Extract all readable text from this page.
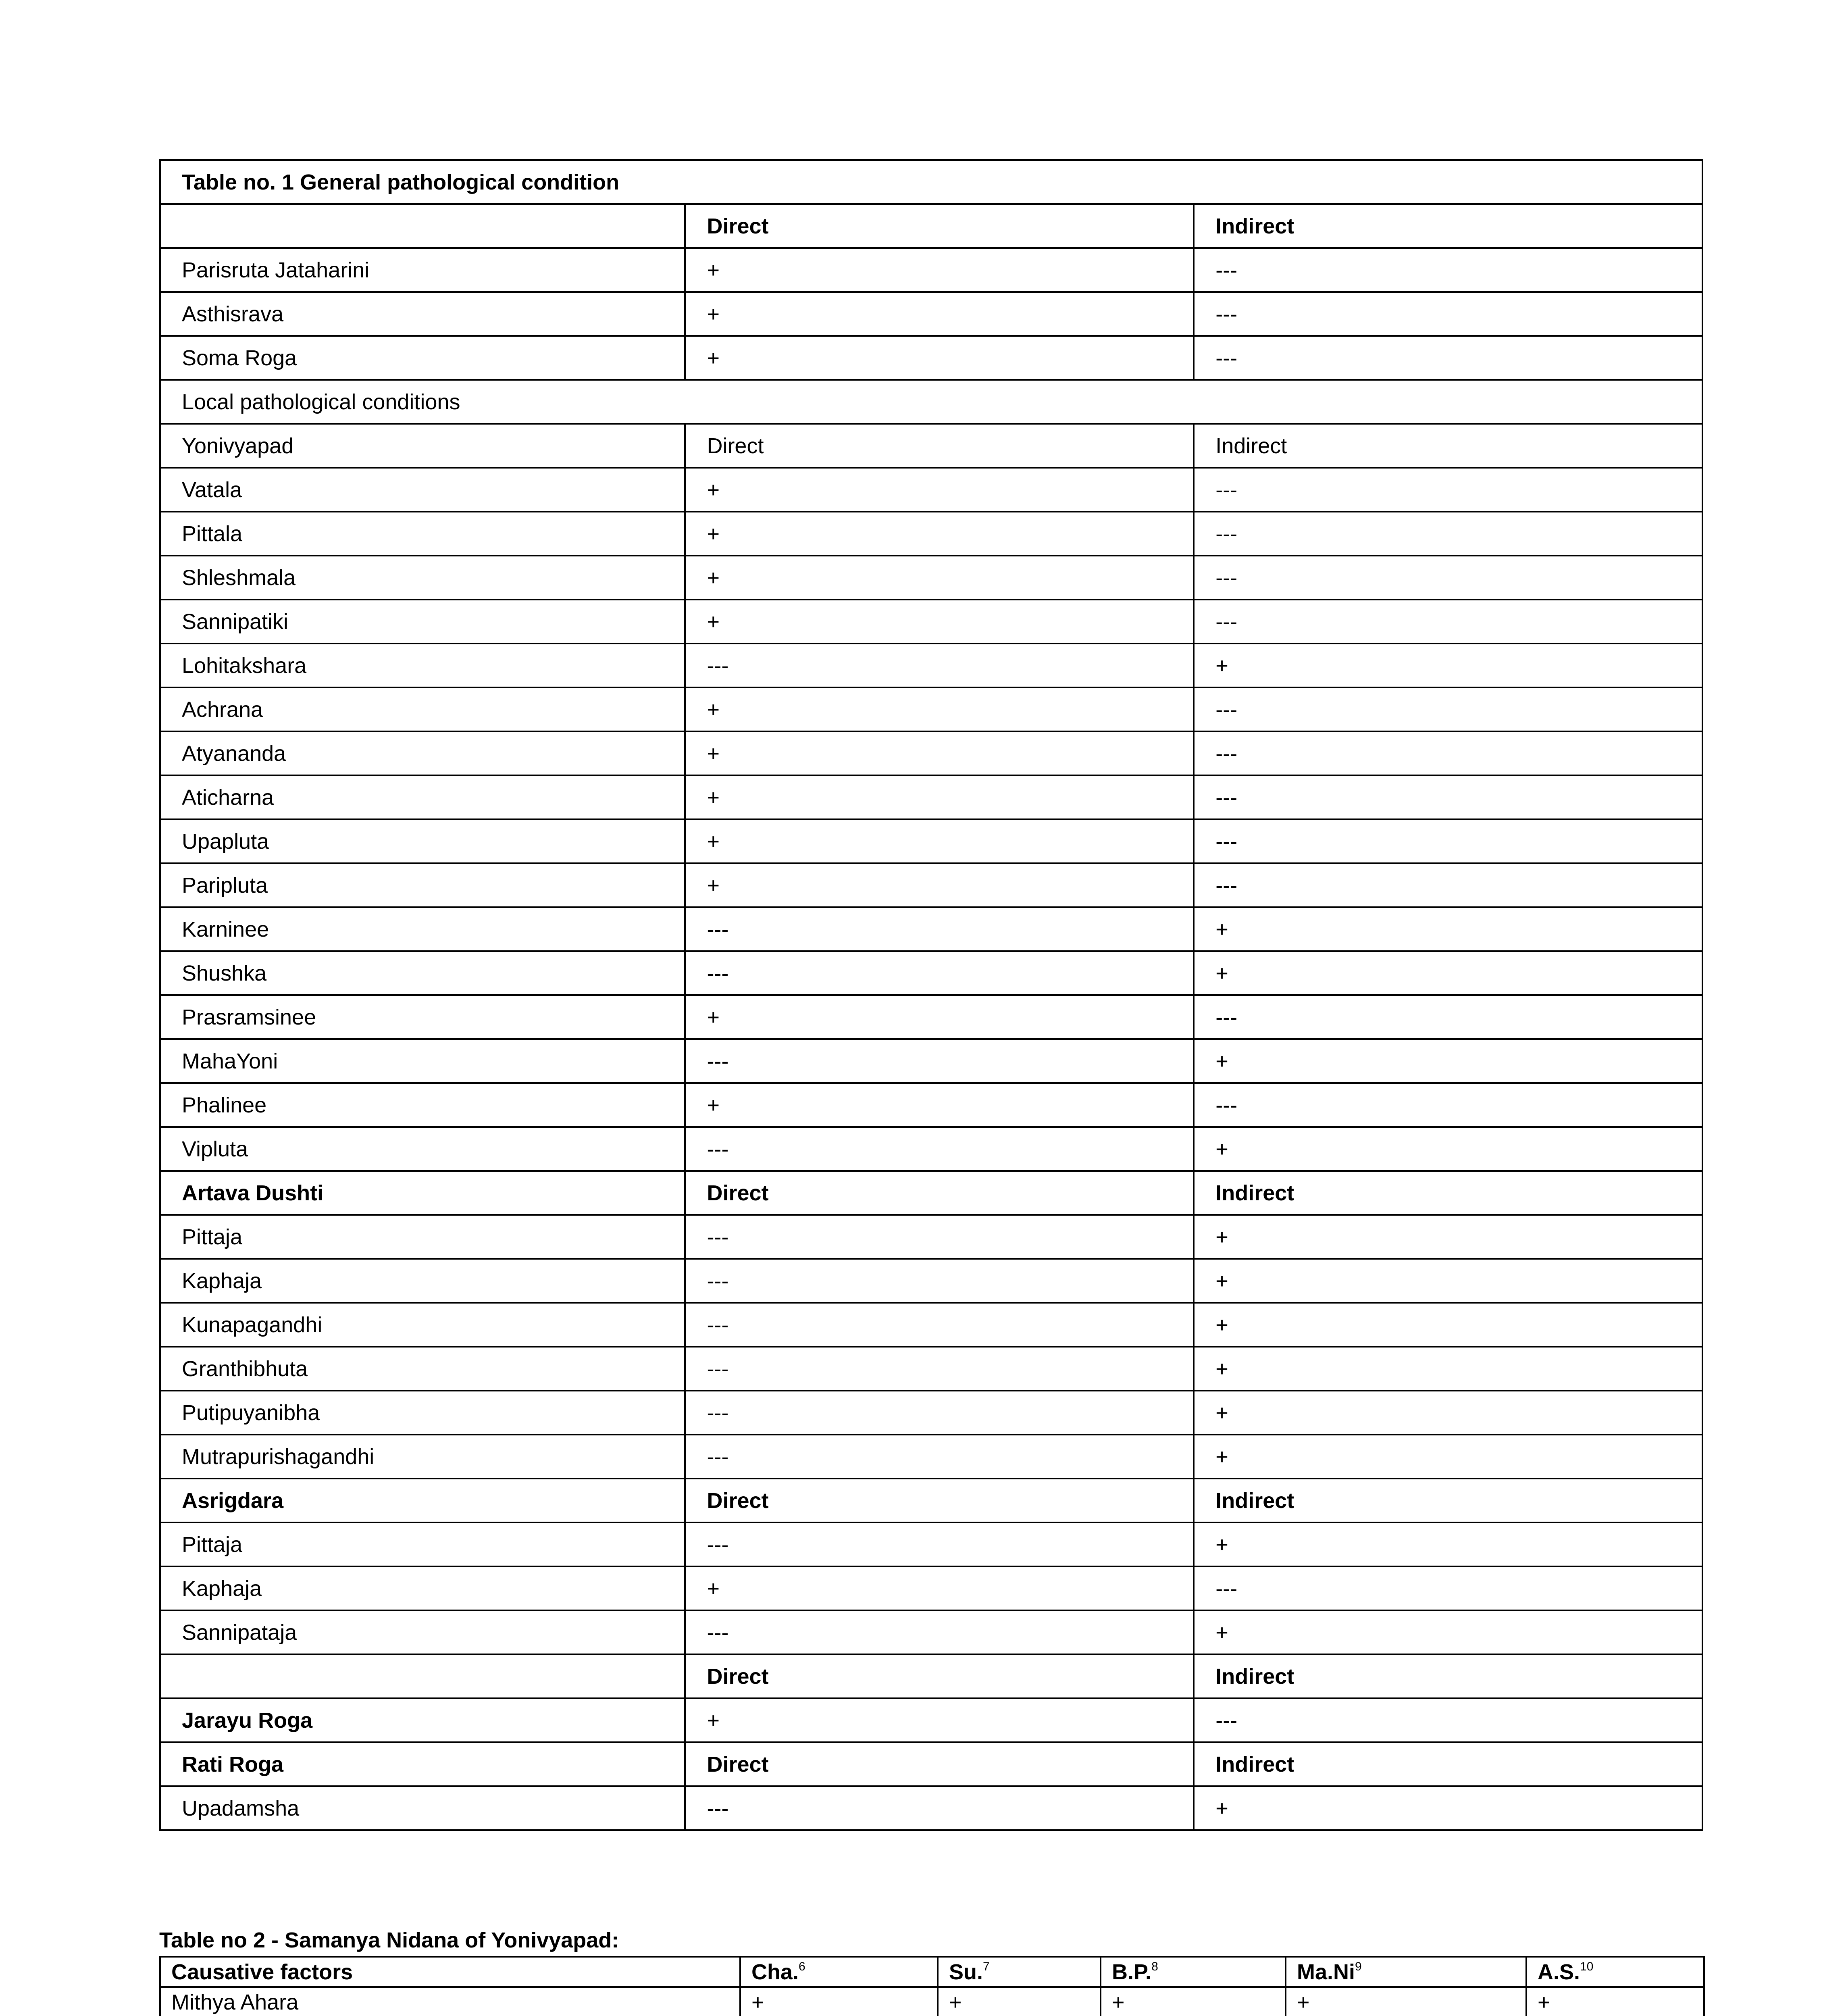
Table no. 1 General pathological condition		
	Direct	Indirect
Parisruta Jataharini	+	---
Asthisrava	+	---
Soma Roga	+	---
Local pathological conditions		
Yonivyapad	Direct	Indirect
Vatala	+	---
Pittala	+	---
Shleshmala	+	---
Sannipatiki	+	---
Lohitakshara	---	+
Achrana	+	---
Atyananda	+	---
Aticharna	+	---
Upapluta	+	---
Paripluta	+	---
Karninee	---	+
Shushka	---	+
Prasramsinee	+	---
MahaYoni	---	+
Phalinee	+	---
Vipluta	---	+
Artava Dushti	Direct	Indirect
Pittaja	---	+
Kaphaja	---	+
Kunapagandhi	---	+
Granthibhuta	---	+
Putipuyanibha	---	+
Mutrapurishagandhi	---	+
Asrigdara	Direct	Indirect
Pittaja	---	+
Kaphaja	+	---
Sannipataja	---	+
	Direct	Indirect
Jarayu Roga	+	---
Rati Roga	Direct	Indirect
Upadamsha	---	+
Table no 2 - Samanya Nidana of Yonivyapad:
Causative factors	Cha.$^6$	Su.$^7$	B.P.$^8$	Ma.Ni$^9$	A.S.$^{10}$
Mithya Ahara	+	+	+	+	+
